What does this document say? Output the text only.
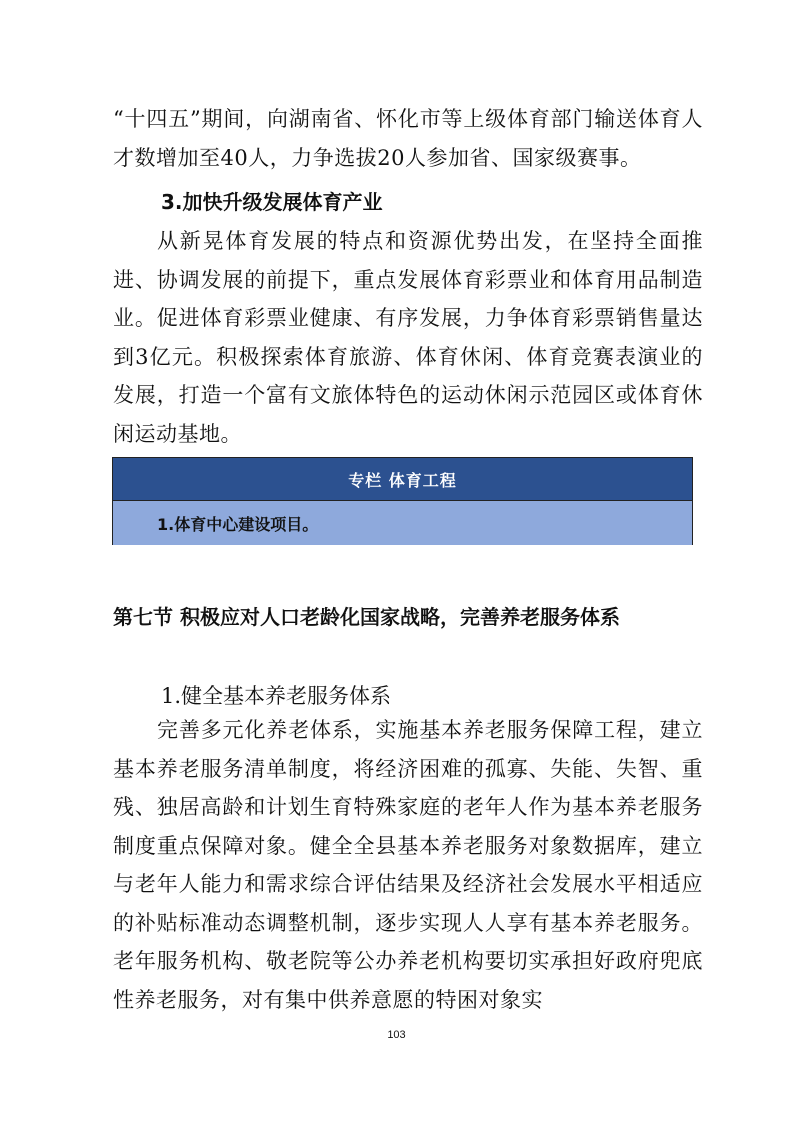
“十四五”期间，向湖南省、怀化市等上级体育部门输送体育人才数增加至40人，力争选拔20人参加省、国家级赛事。

3.加快升级发展体育产业

从新晃体育发展的特点和资源优势出发，在坚持全面推进、协调发展的前提下，重点发展体育彩票业和体育用品制造业。促进体育彩票业健康、有序发展，力争体育彩票销售量达到3亿元。积极探索体育旅游、体育休闲、体育竞赛表演业的发展，打造一个富有文旅体特色的运动休闲示范园区或体育休闲运动基地。

专栏 体育工程
1.体育中心建设项目。
第七节 积极应对人口老龄化国家战略，完善养老服务体系
1.健全基本养老服务体系

完善多元化养老体系，实施基本养老服务保障工程，建立基本养老服务清单制度，将经济困难的孤寡、失能、失智、重残、独居高龄和计划生育特殊家庭的老年人作为基本养老服务制度重点保障对象。健全全县基本养老服务对象数据库，建立与老年人能力和需求综合评估结果及经济社会发展水平相适应的补贴标准动态调整机制，逐步实现人人享有基本养老服务。老年服务机构、敬老院等公办养老机构要切实承担好政府兜底性养老服务，对有集中供养意愿的特困对象实

103
